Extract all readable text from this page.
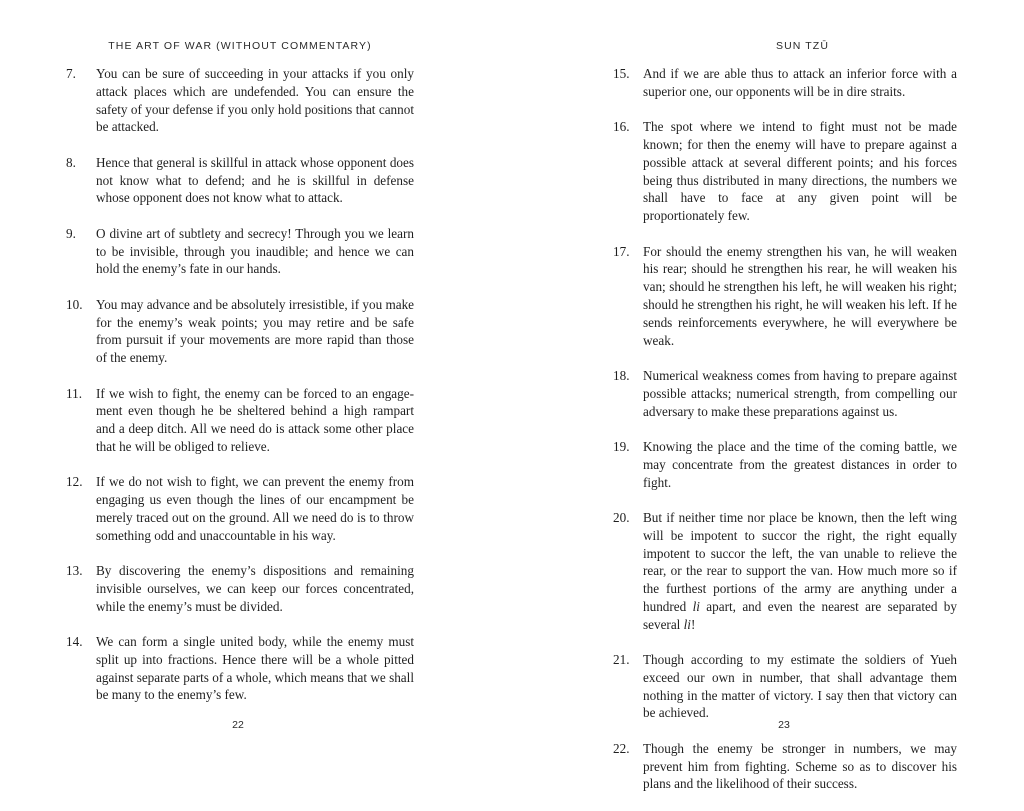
THE ART OF WAR (WITHOUT COMMENTARY)
7. You can be sure of succeeding in your attacks if you only attack places which are undefended. You can ensure the safety of your defense if you only hold positions that cannot be attacked.
8. Hence that general is skillful in attack whose opponent does not know what to defend; and he is skillful in defense whose opponent does not know what to attack.
9. O divine art of subtlety and secrecy! Through you we learn to be invisible, through you inaudible; and hence we can hold the enemy’s fate in our hands.
10. You may advance and be absolutely irresistible, if you make for the enemy’s weak points; you may retire and be safe from pursuit if your movements are more rapid than those of the enemy.
11. If we wish to fight, the enemy can be forced to an engage-ment even though he be sheltered behind a high rampart and a deep ditch. All we need do is attack some other place that he will be obliged to relieve.
12. If we do not wish to fight, we can prevent the enemy from engaging us even though the lines of our encampment be merely traced out on the ground. All we need do is to throw something odd and unaccountable in his way.
13. By discovering the enemy’s dispositions and remaining invisible ourselves, we can keep our forces concentrated, while the enemy’s must be divided.
14. We can form a single united body, while the enemy must split up into fractions. Hence there will be a whole pitted against separate parts of a whole, which means that we shall be many to the enemy’s few.
22
SUN TZŪ
15. And if we are able thus to attack an inferior force with a superior one, our opponents will be in dire straits.
16. The spot where we intend to fight must not be made known; for then the enemy will have to prepare against a possible attack at several different points; and his forces being thus distributed in many directions, the numbers we shall have to face at any given point will be proportionately few.
17. For should the enemy strengthen his van, he will weaken his rear; should he strengthen his rear, he will weaken his van; should he strengthen his left, he will weaken his right; should he strengthen his right, he will weaken his left. If he sends reinforcements everywhere, he will everywhere be weak.
18. Numerical weakness comes from having to prepare against possible attacks; numerical strength, from compelling our adversary to make these preparations against us.
19. Knowing the place and the time of the coming battle, we may concentrate from the greatest distances in order to fight.
20. But if neither time nor place be known, then the left wing will be impotent to succor the right, the right equally impotent to succor the left, the van unable to relieve the rear, or the rear to support the van. How much more so if the furthest portions of the army are anything under a hundred li apart, and even the nearest are separated by several li!
21. Though according to my estimate the soldiers of Yueh exceed our own in number, that shall advantage them nothing in the matter of victory. I say then that victory can be achieved.
22. Though the enemy be stronger in numbers, we may prevent him from fighting. Scheme so as to discover his plans and the likelihood of their success.
23
